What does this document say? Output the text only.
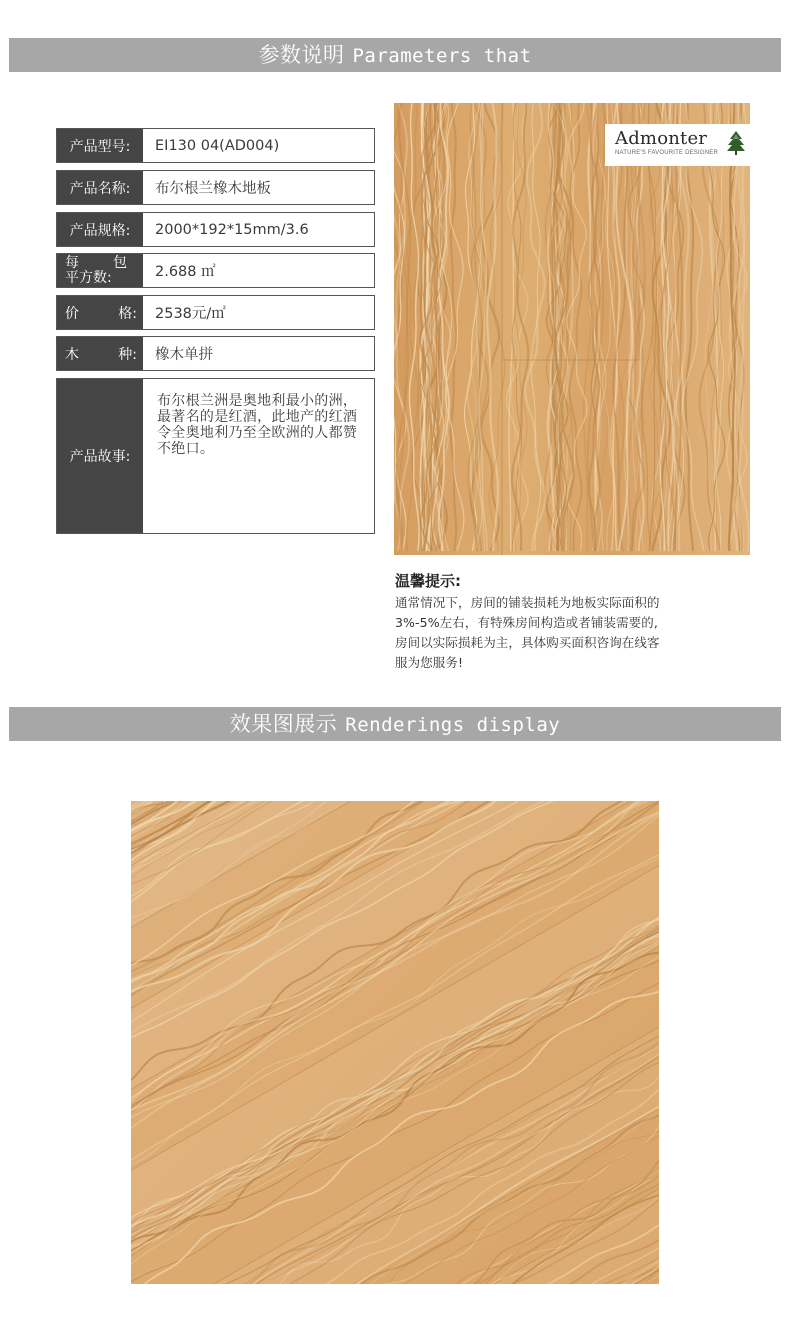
参数说明 Parameters that
产品型号:	EI130 04(AD004)
产品名称:	布尔根兰橡木地板
产品规格:	2000*192*15mm/3.6
每 包
平方数:	2.688 ㎡
价	格:	2538元/㎡
木	种:	橡木单拼
产品故事:
布尔根兰洲是奥地利最小的洲，最著名的是红酒，此地产的红酒令全奥地利乃至全欧洲的人都赞不绝口。
Admonter
NATURE'S FAVOURITE DESIGNER
温馨提示:
通常情况下，房间的铺装损耗为地板实际面积的
3%-5%左右，有特殊房间构造或者铺装需要的,
房间以实际损耗为主，具体购买面积咨询在线客
服为您服务!
效果图展示 Renderings display
